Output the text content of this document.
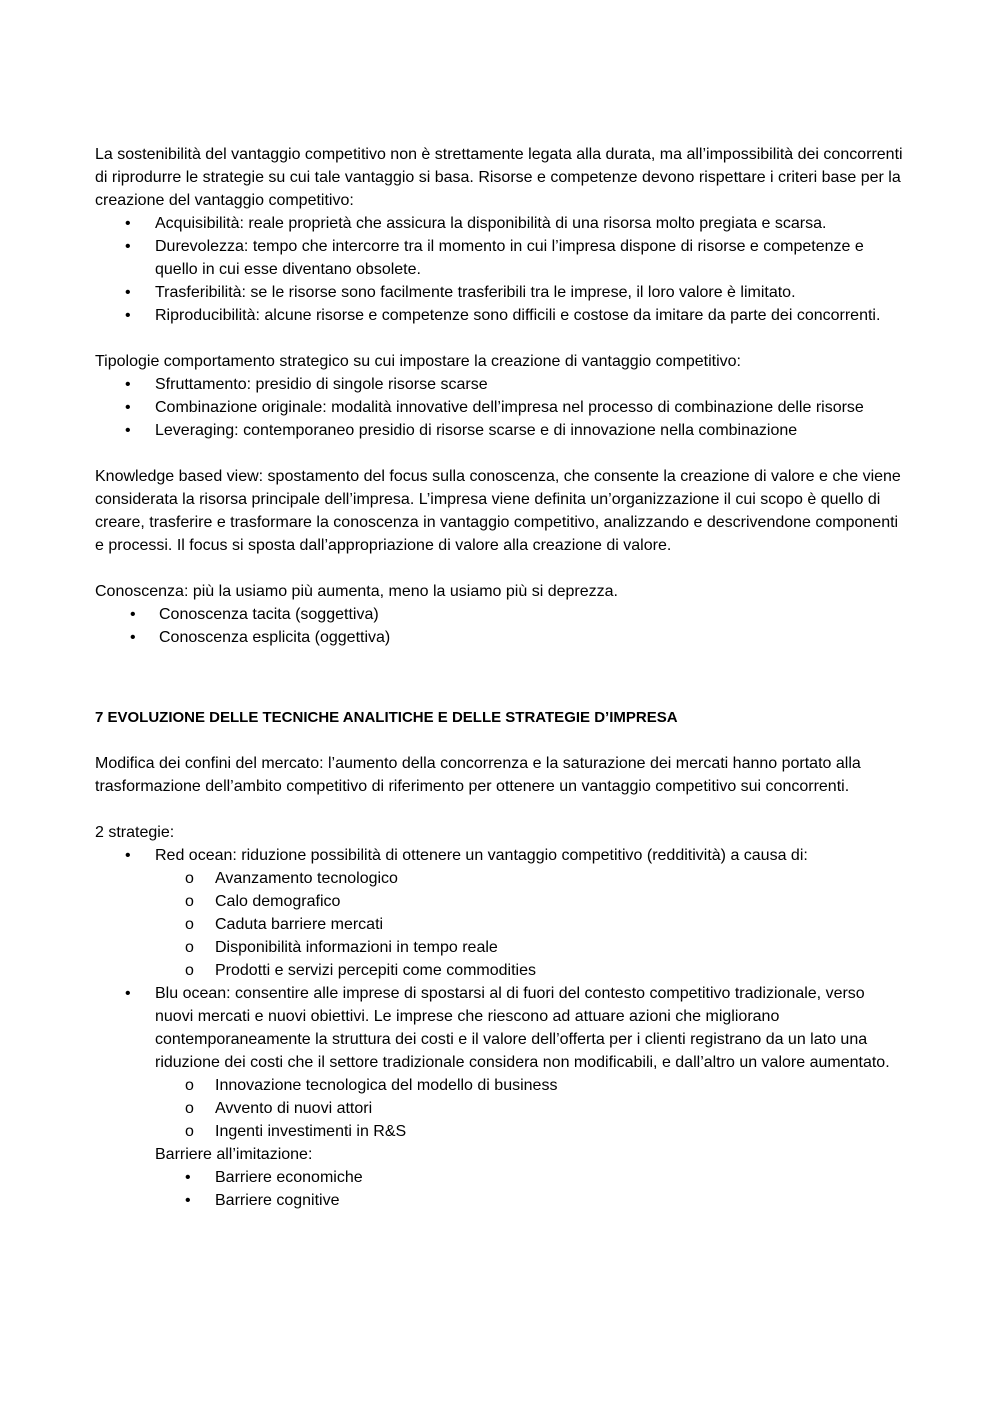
La sostenibilità del vantaggio competitivo non è strettamente legata alla durata, ma all’impossibilità dei concorrenti di riprodurre le strategie su cui tale vantaggio si basa. Risorse e competenze devono rispettare i criteri base per la creazione del vantaggio competitivo:

• Acquisibilità: reale proprietà che assicura la disponibilità di una risorsa molto pregiata e scarsa.
• Durevolezza: tempo che intercorre tra il momento in cui l’impresa dispone di risorse e competenze e quello in cui esse diventano obsolete.
• Trasferibilità: se le risorse sono facilmente trasferibili tra le imprese, il loro valore è limitato.
• Riproducibilità: alcune risorse e competenze sono difficili e costose da imitare da parte dei concorrenti.

Tipologie comportamento strategico su cui impostare la creazione di vantaggio competitivo:

• Sfruttamento: presidio di singole risorse scarse
• Combinazione originale: modalità innovative dell’impresa nel processo di combinazione delle risorse
• Leveraging: contemporaneo presidio di risorse scarse e di innovazione nella combinazione

Knowledge based view: spostamento del focus sulla conoscenza, che consente la creazione di valore e che viene considerata la risorsa principale dell’impresa. L’impresa viene definita un’organizzazione il cui scopo è quello di creare, trasferire e trasformare la conoscenza in vantaggio competitivo, analizzando e descrivendone componenti e processi. Il focus si sposta dall’appropriazione di valore alla creazione di valore.

Conoscenza: più la usiamo più aumenta, meno la usiamo più si deprezza.

• Conoscenza tacita (soggettiva)
• Conoscenza esplicita (oggettiva)

7 EVOLUZIONE DELLE TECNICHE ANALITICHE E DELLE STRATEGIE D’IMPRESA

Modifica dei confini del mercato: l’aumento della concorrenza e la saturazione dei mercati hanno portato alla trasformazione dell’ambito competitivo di riferimento per ottenere un vantaggio competitivo sui concorrenti.

2 strategie:

• Red ocean: riduzione possibilità di ottenere un vantaggio competitivo (redditività) a causa di:
o Avanzamento tecnologico
o Calo demografico
o Caduta barriere mercati
o Disponibilità informazioni in tempo reale
o Prodotti e servizi percepiti come commodities
• Blu ocean: consentire alle imprese di spostarsi al di fuori del contesto competitivo tradizionale, verso nuovi mercati e nuovi obiettivi. Le imprese che riescono ad attuare azioni che migliorano contemporaneamente la struttura dei costi e il valore dell’offerta per i clienti registrano da un lato una riduzione dei costi che il settore tradizionale considera non modificabili, e dall’altro un valore aumentato.
o Innovazione tecnologica del modello di business
o Avvento di nuovi attori
o Ingenti investimenti in R&S

Barriere all’imitazione:

• Barriere economiche
• Barriere cognitive
